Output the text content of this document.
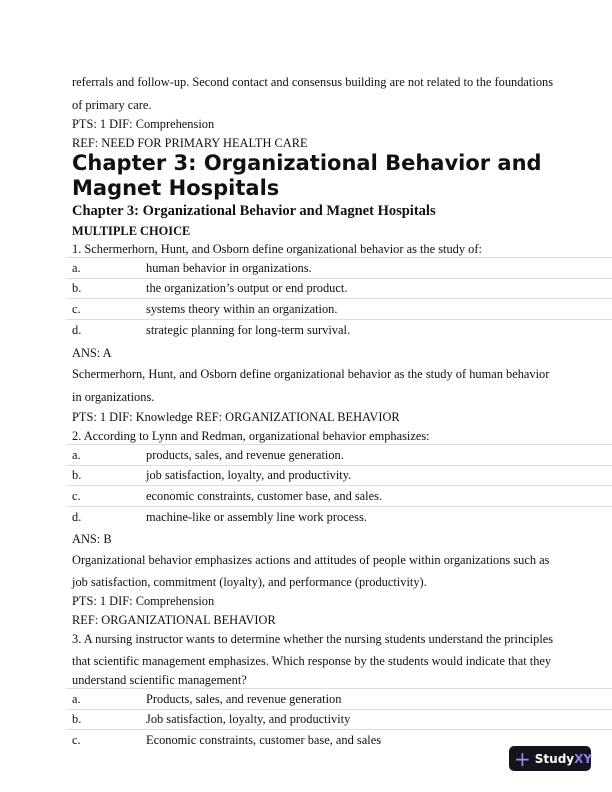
referrals and follow-up. Second contact and consensus building are not related to the foundations
of primary care.
PTS: 1 DIF: Comprehension
REF: NEED FOR PRIMARY HEALTH CARE
Chapter 3: Organizational Behavior and
Magnet Hospitals
Chapter 3: Organizational Behavior and Magnet Hospitals
MULTIPLE CHOICE
1. Schermerhorn, Hunt, and Osborn define organizational behavior as the study of:
a.	human behavior in organizations.
b.	the organization’s output or end product.
c.	systems theory within an organization.
d.	strategic planning for long-term survival.
ANS: A
Schermerhorn, Hunt, and Osborn define organizational behavior as the study of human behavior
in organizations.
PTS: 1 DIF: Knowledge REF: ORGANIZATIONAL BEHAVIOR
2. According to Lynn and Redman, organizational behavior emphasizes:
a.	products, sales, and revenue generation.
b.	job satisfaction, loyalty, and productivity.
c.	economic constraints, customer base, and sales.
d.	machine-like or assembly line work process.
ANS: B
Organizational behavior emphasizes actions and attitudes of people within organizations such as
job satisfaction, commitment (loyalty), and performance (productivity).
PTS: 1 DIF: Comprehension
REF: ORGANIZATIONAL BEHAVIOR
3. A nursing instructor wants to determine whether the nursing students understand the principles
that scientific management emphasizes. Which response by the students would indicate that they
understand scientific management?
a.	Products, sales, and revenue generation
b.	Job satisfaction, loyalty, and productivity
c.	Economic constraints, customer base, and sales
+ Study XY
